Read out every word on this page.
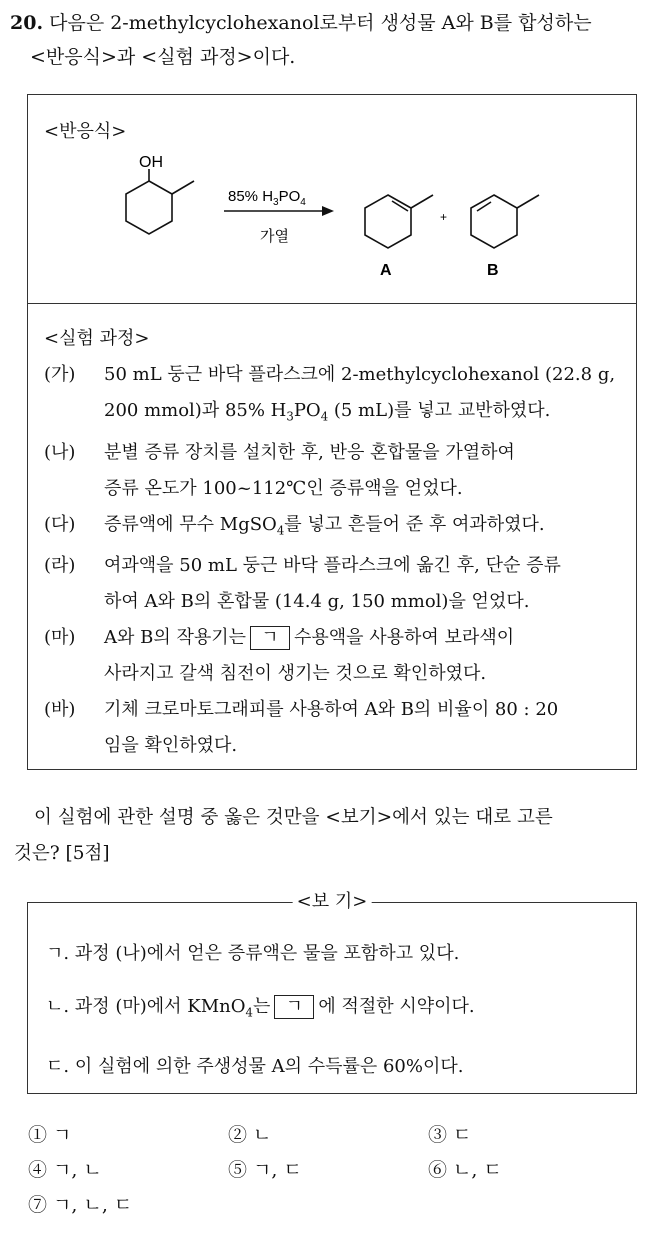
20. 다음은 2-methylcyclohexanol로부터 생성물 A와 B를 합성하는
<반응식>과 <실험 과정>이다.
<반응식>
OH
85% $H_3PO_4$
가열
A
+
B
<실험 과정>
(가) 50 mL 둥근 바닥 플라스크에 2-methylcyclohexanol (22.8 g,
200 mmol)과 85% $H_3PO_4$ (5 mL)를 넣고 교반하였다.
(나) 분별 증류 장치를 설치한 후, 반응 혼합물을 가열하여
증류 온도가 100~112℃인 증류액을 얻었다.
(다) 증류액에 무수 MgSO$_4$를 넣고 흔들어 준 후 여과하였다.
(라) 여과액을 50 mL 둥근 바닥 플라스크에 옮긴 후, 단순 증류
하여 A와 B의 혼합물 (14.4 g, 150 mmol)을 얻었다.
(마) A와 B의 작용기는 ㄱ 수용액을 사용하여 보라색이
사라지고 갈색 침전이 생기는 것으로 확인하였다.
(바) 기체 크로마토그래피를 사용하여 A와 B의 비율이 80 : 20
임을 확인하였다.
이 실험에 관한 설명 중 옳은 것만을 <보기>에서 있는 대로 고른
것은? [5점]
<보 기>
ㄱ. 과정 (나)에서 얻은 증류액은 물을 포함하고 있다.
ㄴ. 과정 (마)에서 KMnO$_4$는 ㄱ 에 적절한 시약이다.
ㄷ. 이 실험에 의한 주생성물 A의 수득률은 60%이다.
① ㄱ	② ㄴ	③ ㄷ
④ ㄱ, ㄴ	⑤ ㄱ, ㄷ	⑥ ㄴ, ㄷ
⑦ ㄱ, ㄴ, ㄷ
